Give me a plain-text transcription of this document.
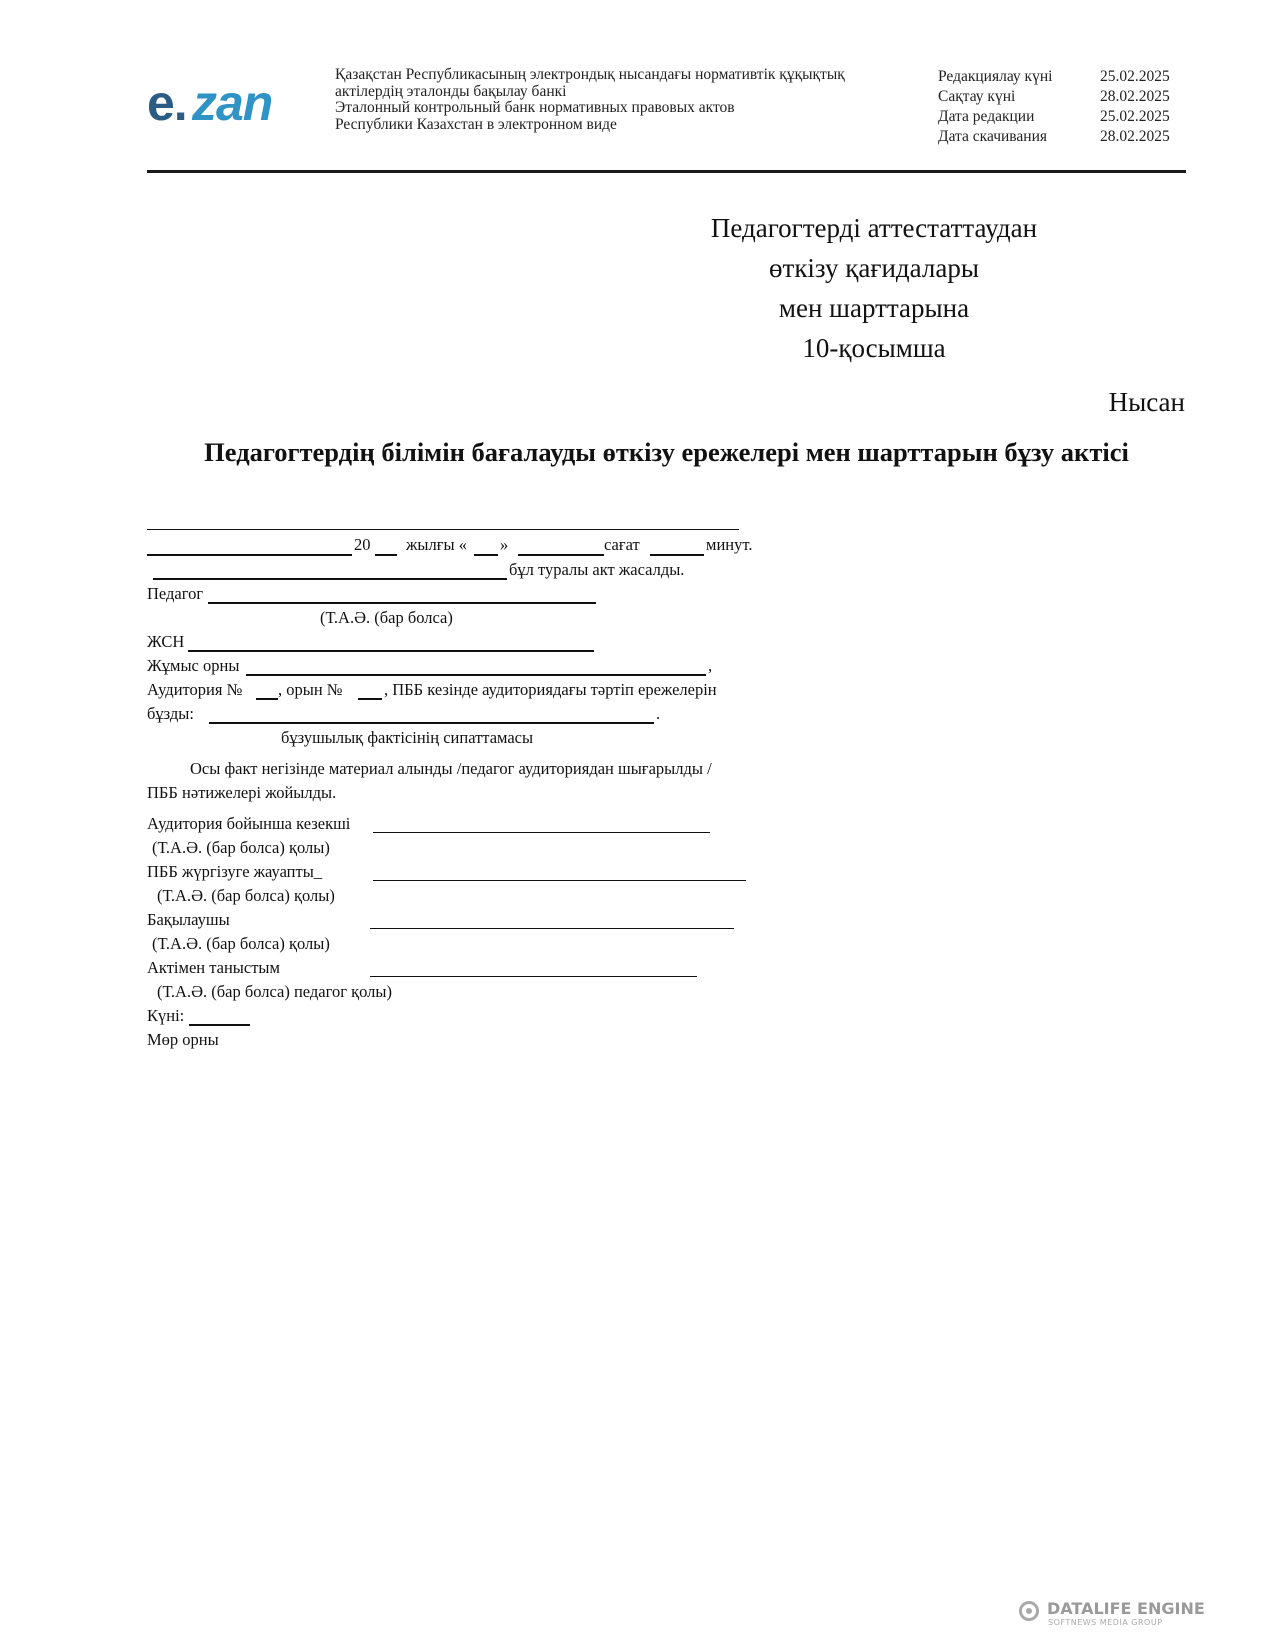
e. zan
Қазақстан Республикасының электрондық нысандағы нормативтік құқықтық
актілердің эталонды бақылау банкі
Эталонный контрольный банк нормативных правовых актов
Республики Казахстан в электронном виде
Редакциялау күні	25.02.2025
Сақтау күні	28.02.2025
Дата редакции	25.02.2025
Дата скачивания	28.02.2025
Педагогтерді аттестаттаудан
өткізу қағидалары
мен шарттарына
10-қосымша
Нысан
Педагогтердің білімін бағалауды өткізу ережелері мен шарттарын бұзу актісі
20 жылғы « »	сағат	минут.
бұл туралы акт жасалды.
Педагог
(Т.А.Ә. (бар болса)
ЖСН
Жұмыс орны	,
Аудитория № , орын №	, ПББ кезінде аудиториядағы тәртіп ережелерін
бұзды:	.
бұзушылық фактісінің сипаттамасы
Осы факт негізінде материал алынды /педагог аудиториядан шығарылды /
ПББ нәтижелері жойылды.
Аудитория бойынша кезекші
(Т.А.Ә. (бар болса) қолы)
ПББ жүргізуге жауапты_
(Т.А.Ә. (бар болса) қолы)
Бақылаушы
(Т.А.Ә. (бар болса) қолы)
Актімен таныстым
(Т.А.Ә. (бар болса) педагог қолы)
Күні:
Мөр орны
DATALIFE ENGINE
SOFTNEWS MEDIA GROUP
